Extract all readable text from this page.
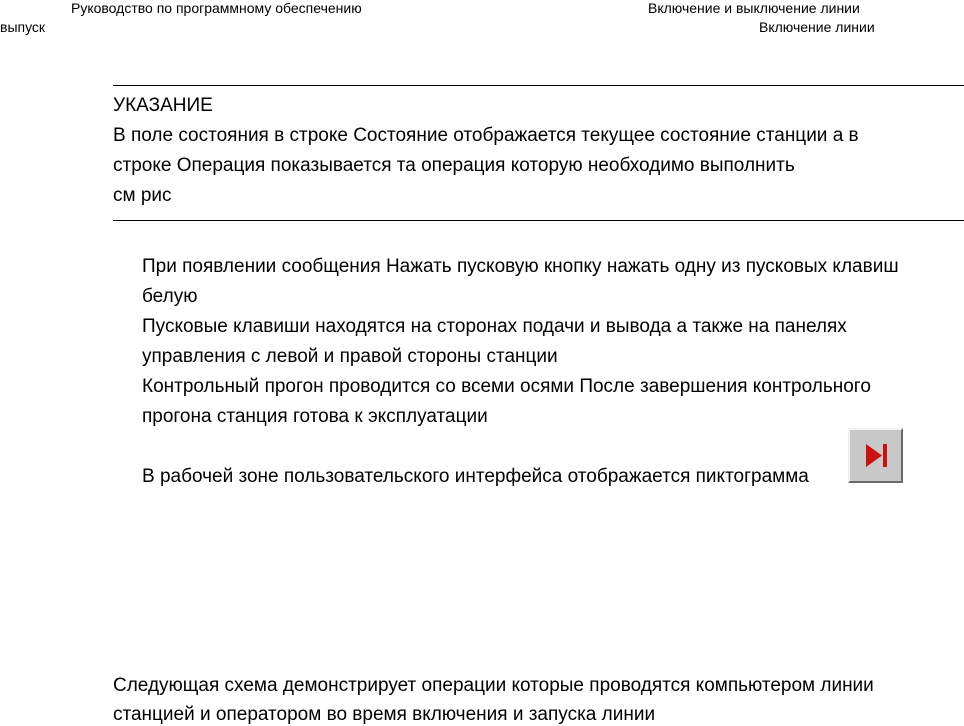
Руководство по программному обеспечению
выпуск
Включение и выключение линии
Включение линии
УКАЗАНИЕ
В поле состояния в строке Состояние отображается текущее состояние станции а в
строке Операция показывается та операция которую необходимо выполнить
см рис
При появлении сообщения Нажать пусковую кнопку нажать одну из пусковых клавиш
белую
Пусковые клавиши находятся на сторонах подачи и вывода а также на панелях
управления с левой и правой стороны станции
Контрольный прогон проводится со всеми осями После завершения контрольного
прогона станция готова к эксплуатации
В рабочей зоне пользовательского интерфейса отображается пиктограмма
Следующая схема демонстрирует операции которые проводятся компьютером линии
станцией и оператором во время включения и запуска линии
